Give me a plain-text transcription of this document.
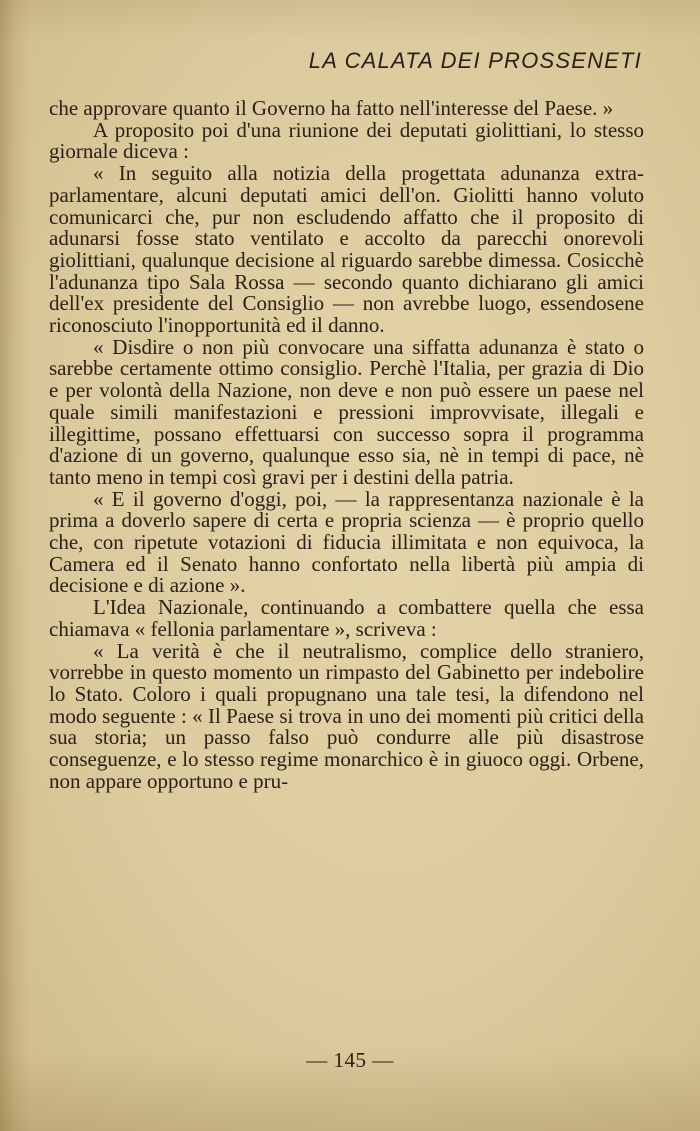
LA CALATA DEI PROSSENETI

che approvare quanto il Governo ha fatto nell'interesse del Paese. »

A proposito poi d'una riunione dei deputati giolittiani, lo stesso giornale diceva :

« In seguito alla notizia della progettata adunanza extra-parlamentare, alcuni deputati amici dell'on. Giolitti hanno voluto comunicarci che, pur non escludendo affatto che il proposito di adunarsi fosse stato ventilato e accolto da parecchi onorevoli giolittiani, qualunque decisione al riguardo sarebbe dimessa. Cosicchè l'adunanza tipo Sala Rossa — secondo quanto dichiarano gli amici dell'ex presidente del Consiglio — non avrebbe luogo, essendosene riconosciuto l'inopportunità ed il danno.

« Disdire o non più convocare una siffatta adunanza è stato o sarebbe certamente ottimo consiglio. Perchè l'Italia, per grazia di Dio e per volontà della Nazione, non deve e non può essere un paese nel quale simili manifestazioni e pressioni improvvisate, illegali e illegittime, possano effettuarsi con successo sopra il programma d'azione di un governo, qualunque esso sia, nè in tempi di pace, nè tanto meno in tempi così gravi per i destini della patria.

« E il governo d'oggi, poi, — la rappresentanza nazionale è la prima a doverlo sapere di certa e propria scienza — è proprio quello che, con ripetute votazioni di fiducia illimitata e non equivoca, la Camera ed il Senato hanno confortato nella libertà più ampia di decisione e di azione ».

L'Idea Nazionale, continuando a combattere quella che essa chiamava « fellonia parlamentare », scriveva :

« La verità è che il neutralismo, complice dello straniero, vorrebbe in questo momento un rimpasto del Gabinetto per indebolire lo Stato. Coloro i quali propugnano una tale tesi, la difendono nel modo seguente : « Il Paese si trova in uno dei momenti più critici della sua storia; un passo falso può condurre alle più disastrose conseguenze, e lo stesso regime monarchico è in giuoco oggi. Orbene, non appare opportuno e pru-

— 145 —
